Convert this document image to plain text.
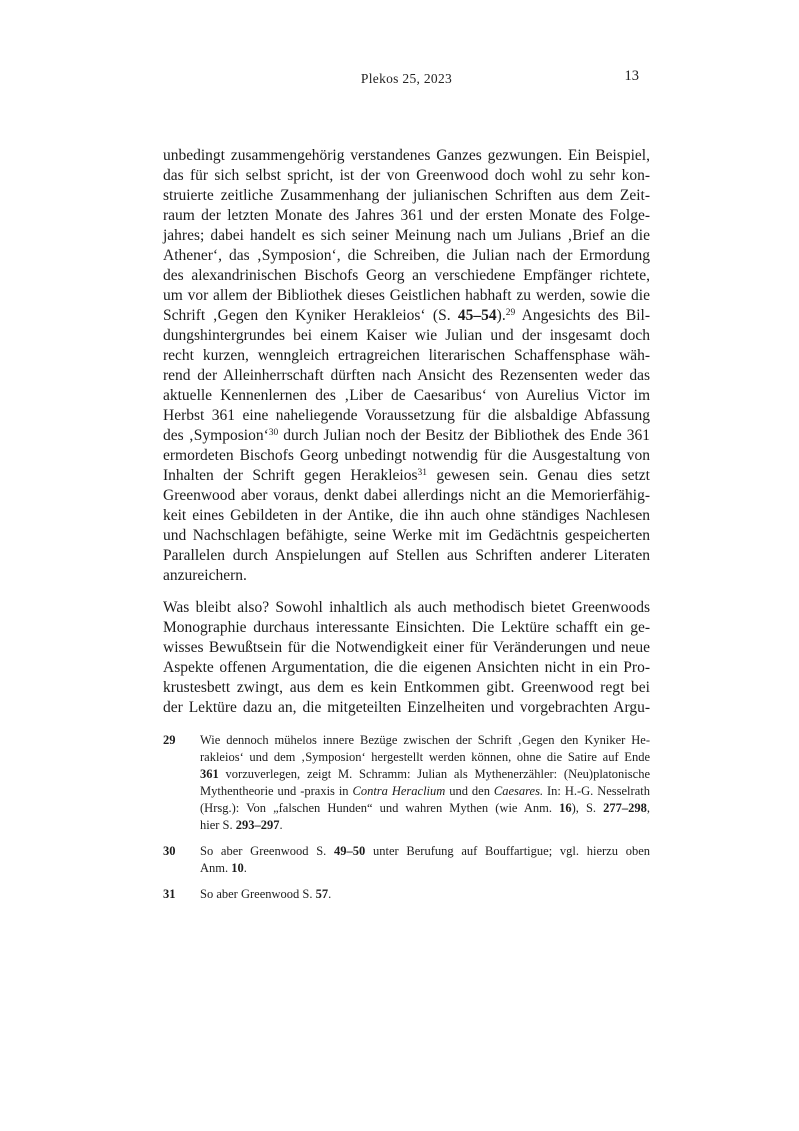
Plekos 25, 2023	13
unbedingt zusammengehörig verstandenes Ganzes gezwungen. Ein Beispiel,
das für sich selbst spricht, ist der von Greenwood doch wohl zu sehr kon-
struierte zeitliche Zusammenhang der julianischen Schriften aus dem Zeit-
raum der letzten Monate des Jahres 361 und der ersten Monate des Folge-
jahres; dabei handelt es sich seiner Meinung nach um Julians ‚Brief an die
Athener‘, das ‚Symposion‘, die Schreiben, die Julian nach der Ermordung
des alexandrinischen Bischofs Georg an verschiedene Empfänger richtete,
um vor allem der Bibliothek dieses Geistlichen habhaft zu werden, sowie die
Schrift ‚Gegen den Kyniker Herakleios‘ (S. 45–54).$^{29}$ Angesichts des Bil-
dungshintergrundes bei einem Kaiser wie Julian und der insgesamt doch
recht kurzen, wenngleich ertragreichen literarischen Schaffensphase wäh-
rend der Alleinherrschaft dürften nach Ansicht des Rezensenten weder das
aktuelle Kennenlernen des ‚Liber de Caesaribus‘ von Aurelius Victor im
Herbst 361 eine naheliegende Voraussetzung für die alsbaldige Abfassung
des ‚Symposion‘$^{30}$ durch Julian noch der Besitz der Bibliothek des Ende 361
ermordeten Bischofs Georg unbedingt notwendig für die Ausgestaltung von
Inhalten der Schrift gegen Herakleios$^{31}$ gewesen sein. Genau dies setzt
Greenwood aber voraus, denkt dabei allerdings nicht an die Memorierfähig-
keit eines Gebildeten in der Antike, die ihn auch ohne ständiges Nachlesen
und Nachschlagen befähigte, seine Werke mit im Gedächtnis gespeicherten
Parallelen durch Anspielungen auf Stellen aus Schriften anderer Literaten
anzureichern.
Was bleibt also? Sowohl inhaltlich als auch methodisch bietet Greenwoods
Monographie durchaus interessante Einsichten. Die Lektüre schafft ein ge-
wisses Bewußtsein für die Notwendigkeit einer für Veränderungen und neue
Aspekte offenen Argumentation, die die eigenen Ansichten nicht in ein Pro-
krustesbett zwingt, aus dem es kein Entkommen gibt. Greenwood regt bei
der Lektüre dazu an, die mitgeteilten Einzelheiten und vorgebrachten Argu-
29	Wie dennoch mühelos innere Bezüge zwischen der Schrift ‚Gegen den Kyniker He-
rakleios‘ und dem ‚Symposion‘ hergestellt werden können, ohne die Satire auf Ende
361 vorzuverlegen, zeigt M. Schramm: Julian als Mythenerzähler: (Neu)platonische
Mythentheorie und -praxis in Contra Heraclium und den Caesares. In: H.-G. Nesselrath
(Hrsg.): Von „falschen Hunden“ und wahren Mythen (wie Anm. 16), S. 277–298,
hier S. 293–297.
30	So aber Greenwood S. 49–50 unter Berufung auf Bouffartigue; vgl. hierzu oben
Anm. 10.
31	So aber Greenwood S. 57.
